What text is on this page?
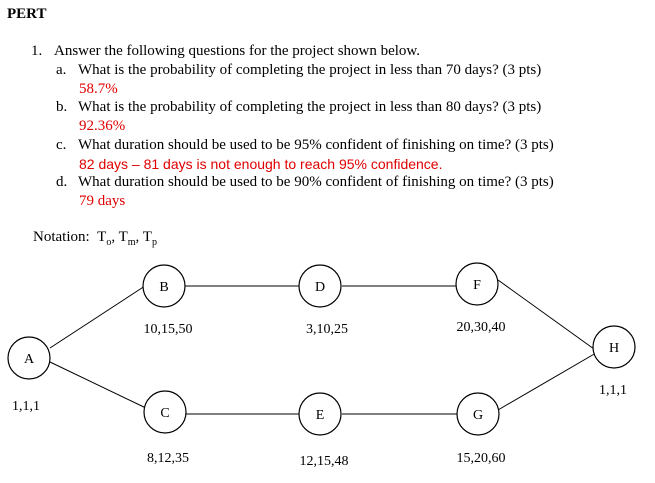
PERT
1. Answer the following questions for the project shown below.
a. What is the probability of completing the project in less than 70 days? (3 pts)
58.7%
b. What is the probability of completing the project in less than 80 days? (3 pts)
92.36%
c. What duration should be used to be 95% confident of finishing on time? (3 pts)
82 days – 81 days is not enough to reach 95% confidence.
d. What duration should be used to be 90% confident of finishing on time? (3 pts)
79 days
Notation: $T_o$, $T_m$, $T_p$
A
B
C
D
E
F
G
H
1,1,1
10,15,50
8,12,35
3,10,25
12,15,48
20,30,40
15,20,60
1,1,1
